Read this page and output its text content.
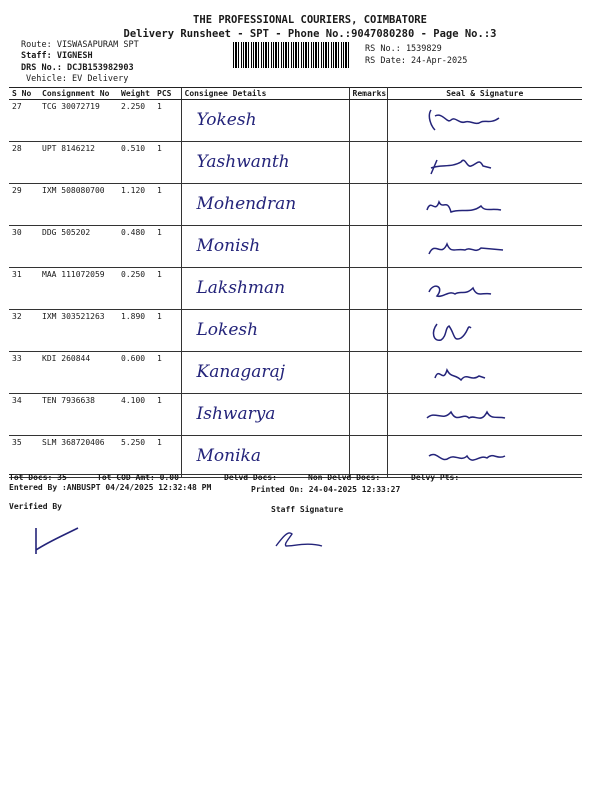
THE PROFESSIONAL COURIERS, COIMBATORE
Delivery Runsheet - SPT - Phone No.:9047080280 - Page No.:3
Route: VISWASAPURAM SPT
Staff: VIGNESH
DRS No.: DCJB153982903
Vehicle: EV Delivery
RS No.: 1539829
RS Date: 24-Apr-2025
S No	Consignment No	Weight	PCS	Consignee Details	Remarks	Seal & Signature
27	TCG 30072719	2.250	1	Yokesh		
28	UPT 8146212	0.510	1	Yashwanth		
29	IXM 508080700	1.120	1	Mohendran		
30	DDG 505202	0.480	1	Monish		
31	MAA 111072059	0.250	1	Lakshman		
32	IXM 303521263	1.890	1	Lokesh		
33	KDI 260844	0.600	1	Kanagaraj		
34	TEN 7936638	4.100	1	Ishwarya		
35	SLM 368720406	5.250	1	Monika		
Tot Docs: 35	Tot COD Amt: 0.00	Delvd Docs:	Non Delvd Docs:	Delvy Pts:
Entered By :ANBUSPT 04/24/2025 12:32:48 PM	Printed On: 24-04-2025 12:33:27
Verified By	Staff Signature
